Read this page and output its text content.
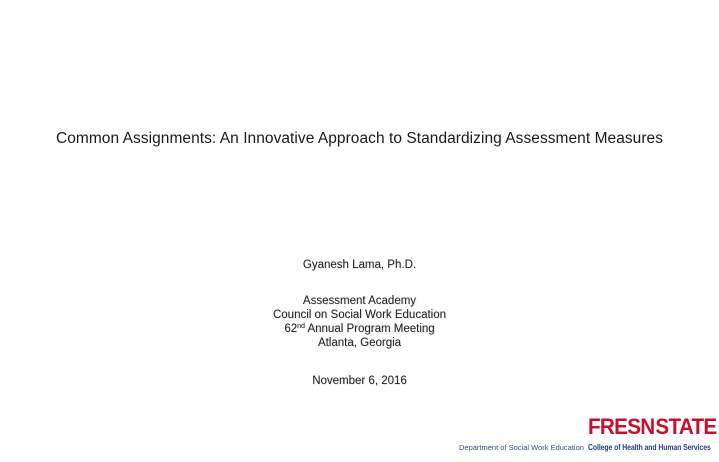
Common Assignments: An Innovative Approach to Standardizing Assessment Measures
Gyanesh Lama, Ph.D.
Assessment Academy
Council on Social Work Education
62nd Annual Program Meeting
Atlanta, Georgia
November 6, 2016
Department of Social Work Education
FRESN STATE
College of Health and Human Services
